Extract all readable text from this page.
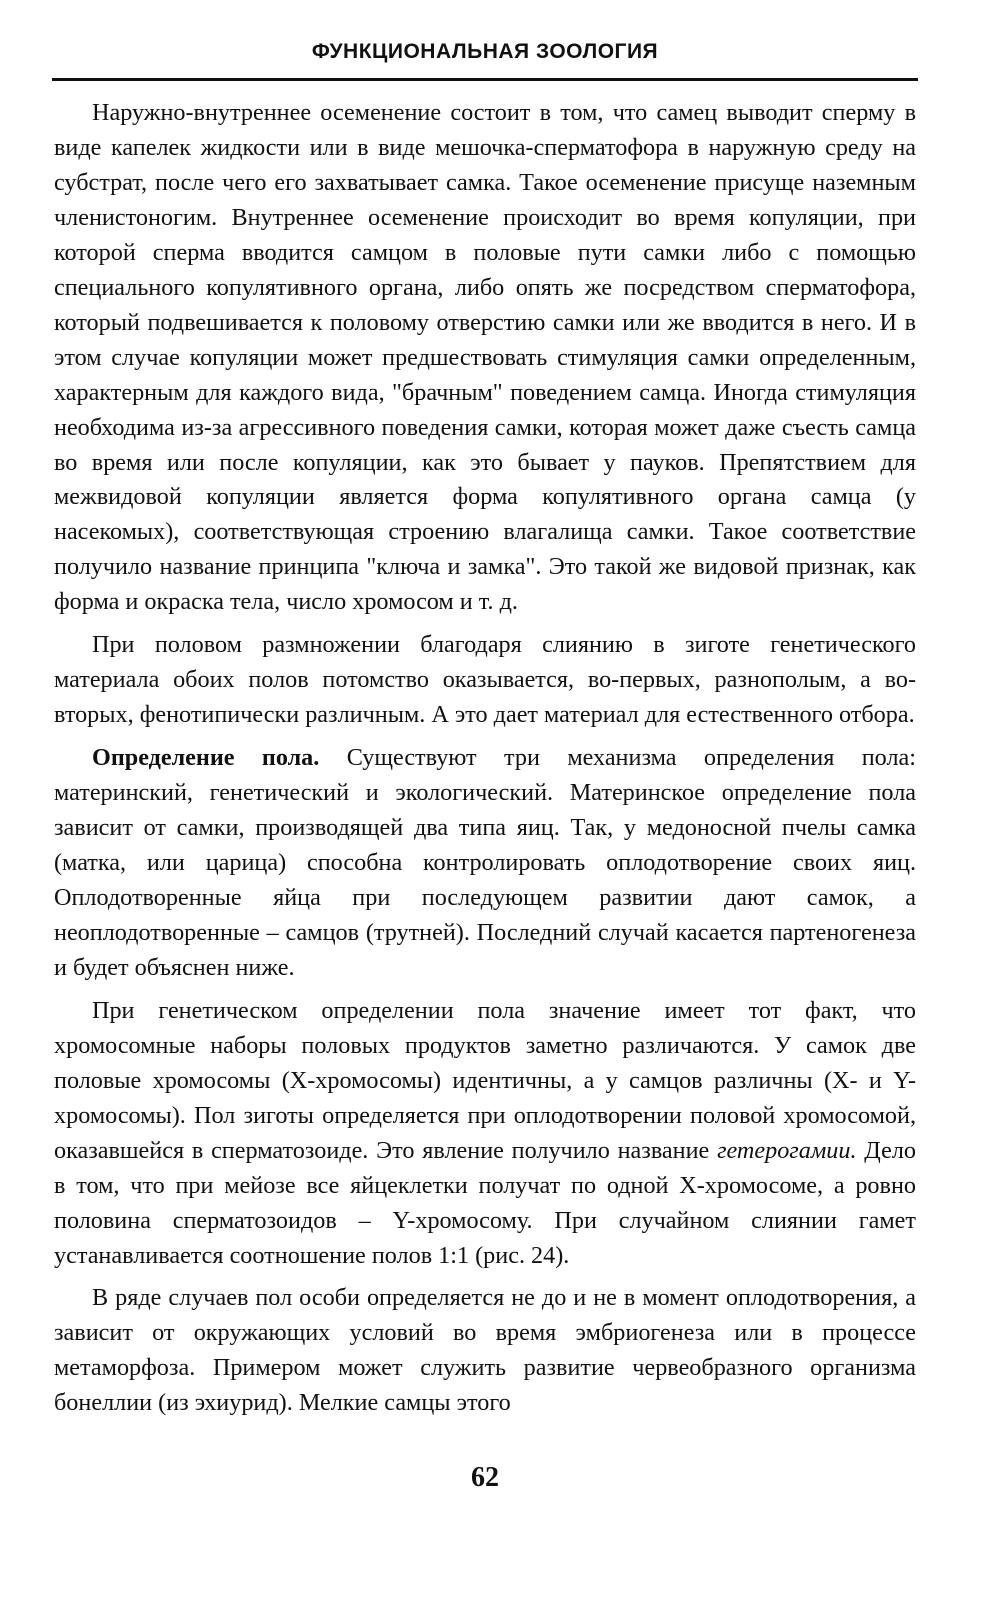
ФУНКЦИОНАЛЬНАЯ ЗООЛОГИЯ

Наружно-внутреннее осеменение состоит в том, что самец выводит сперму в виде капелек жидкости или в виде мешочка-сперматофора в наружную среду на субстрат, после чего его захватывает самка. Такое осеменение присуще наземным членистоногим. Внутреннее осеменение происходит во время копуляции, при которой сперма вводится самцом в половые пути самки либо с помощью специального копулятивного органа, либо опять же посредством сперматофора, который подвешивается к половому отверстию самки или же вводится в него. И в этом случае копуляции может предшествовать стимуляция самки определенным, характерным для каждого вида, "брачным" поведением самца. Иногда стимуляция необходима из-за агрессивного поведения самки, которая может даже съесть самца во время или после копуляции, как это бывает у пауков. Препятствием для межвидовой копуляции является форма копулятивного органа самца (у насекомых), соответствующая строению влагалища самки. Такое соответствие получило название принципа "ключа и замка". Это такой же видовой признак, как форма и окраска тела, число хромосом и т. д.

При половом размножении благодаря слиянию в зиготе генетического материала обоих полов потомство оказывается, во-первых, разнополым, а во-вторых, фенотипически различным. А это дает материал для естественного отбора.

Определение пола. Существуют три механизма определения пола: материнский, генетический и экологический. Материнское определение пола зависит от самки, производящей два типа яиц. Так, у медоносной пчелы самка (матка, или царица) способна контролировать оплодотворение своих яиц. Оплодотворенные яйца при последующем развитии дают самок, а неоплодотворенные – самцов (трутней). Последний случай касается партеногенеза и будет объяснен ниже.

При генетическом определении пола значение имеет тот факт, что хромосомные наборы половых продуктов заметно различаются. У самок две половые хромосомы (Х-хромосомы) идентичны, а у самцов различны (Х- и Y-хромосомы). Пол зиготы определяется при оплодотворении половой хромосомой, оказавшейся в сперматозоиде. Это явление получило название гетерогамии. Дело в том, что при мейозе все яйцеклетки получат по одной Х-хромосоме, а ровно половина сперматозоидов – Y-хромосому. При случайном слиянии гамет устанавливается соотношение полов 1:1 (рис. 24).

В ряде случаев пол особи определяется не до и не в момент оплодотворения, а зависит от окружающих условий во время эмбриогенеза или в процессе метаморфоза. Примером может служить развитие червеобразного организма бонеллии (из эхиурид). Мелкие самцы этого

62
